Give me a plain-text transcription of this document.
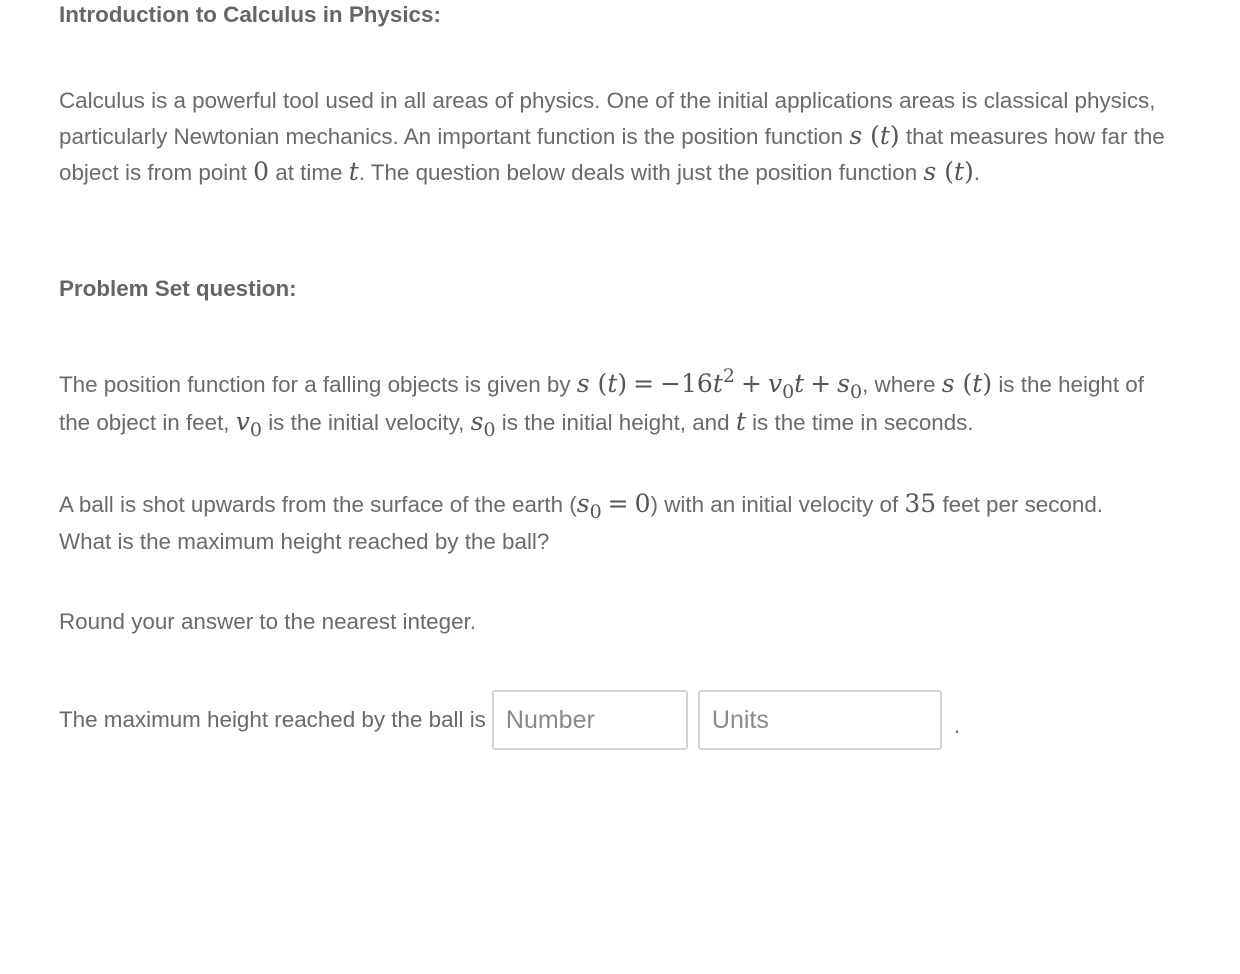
Introduction to Calculus in Physics:

Calculus is a powerful tool used in all areas of physics. One of the initial applications areas is classical physics, particularly Newtonian mechanics. An important function is the position function s (t) that measures how far the object is from point 0 at time t. The question below deals with just the position function s (t).

Problem Set question:

The position function for a falling objects is given by s $(t) = -16t^2 + v_0t + s_0$, where s (t) is the height of the object in feet, $v_0$ is the initial velocity, $s_0$ is the initial height, and t is the time in seconds.

A ball is shot upwards from the surface of the earth $(s_0 = 0)$ with an initial velocity of 35 feet per second. What is the maximum height reached by the ball?

Round your answer to the nearest integer.

The maximum height reached by the ball is
Number
Units	.
